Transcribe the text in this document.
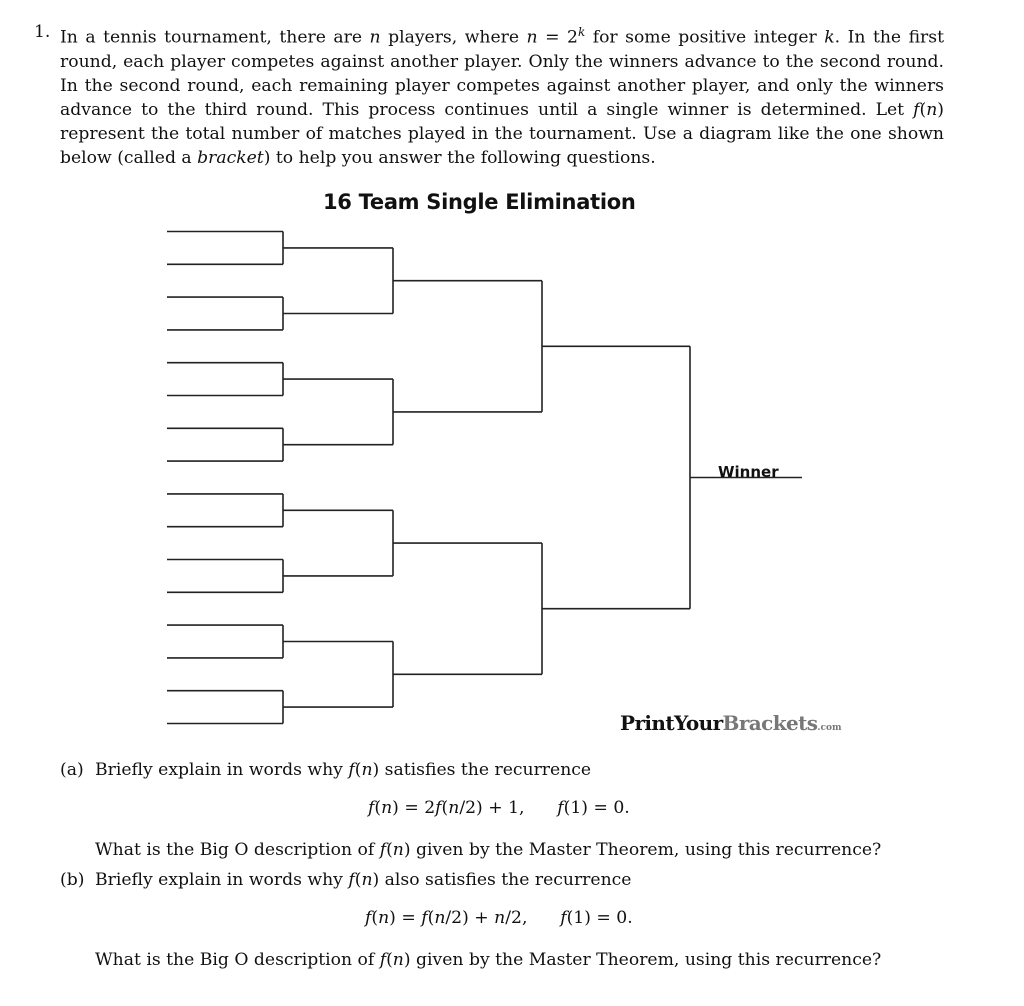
1. In a tennis tournament, there are n players, where $n = 2^k$ for some positive integer k. In the first round, each player competes against another player. Only the winners advance to the second round. In the second round, each remaining player competes against another player, and only the winners advance to the third round. This process continues until a single winner is determined. Let f(n) represent the total number of matches played in the tournament. Use a diagram like the one shown below (called a bracket) to help you answer the following questions.
16 Team Single Elimination
Winner
PrintYourBrackets.com
(a) Briefly explain in words why f(n) satisfies the recurrence
f(n) = 2f(n/2) + 1,      f(1) = 0.
What is the Big O description of f(n) given by the Master Theorem, using this recurrence?
(b) Briefly explain in words why f(n) also satisfies the recurrence
f(n) = f(n/2) + n/2,      f(1) = 0.
What is the Big O description of f(n) given by the Master Theorem, using this recurrence?
